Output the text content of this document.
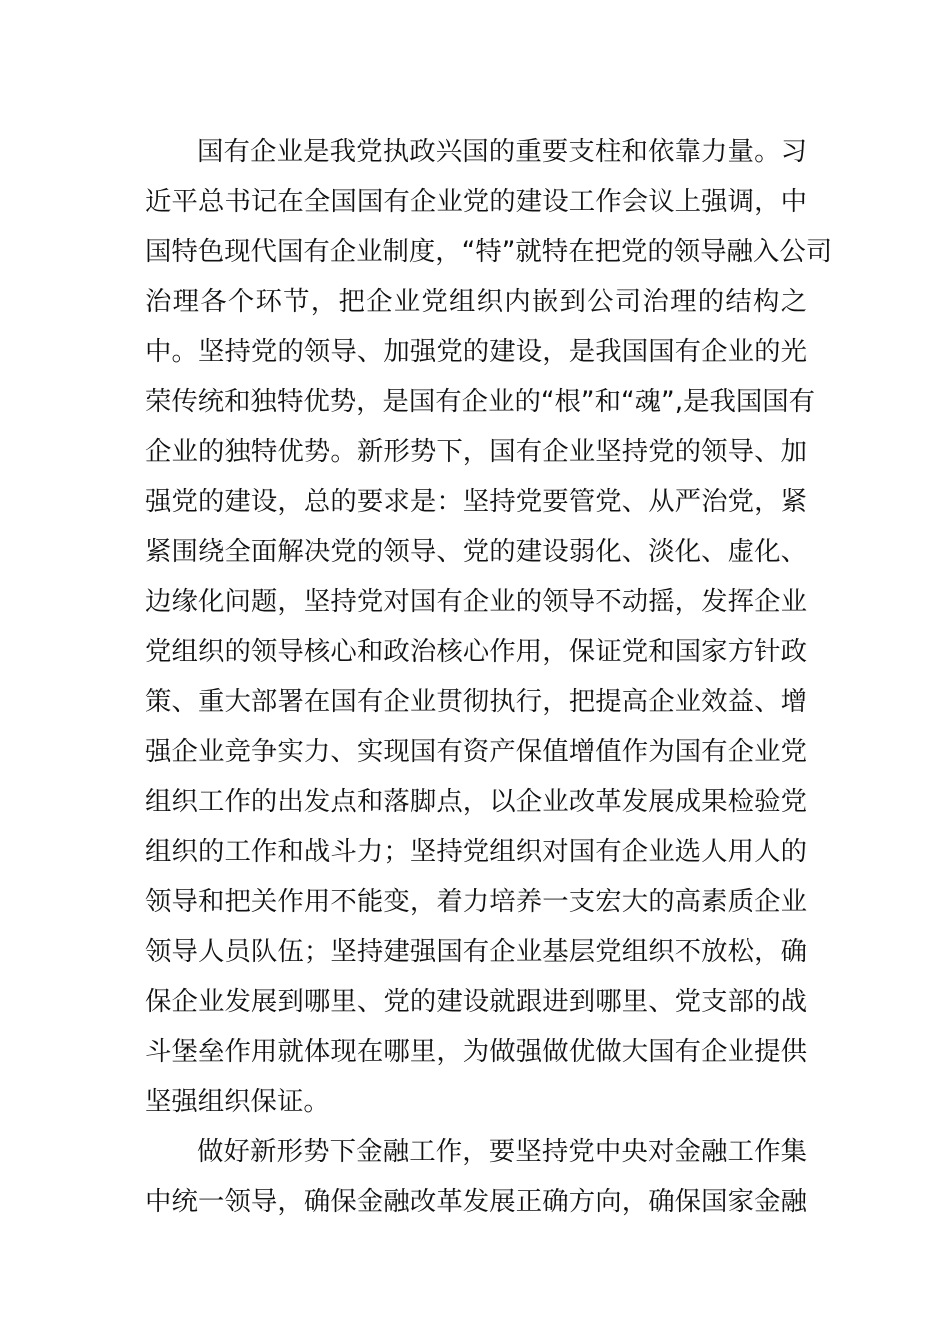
国有企业是我党执政兴国的重要支柱和依靠力量。习
近平总书记在全国国有企业党的建设工作会议上强调，中
国特色现代国有企业制度，“特”就特在把党的领导融入公司
治理各个环节，把企业党组织内嵌到公司治理的结构之
中。坚持党的领导、加强党的建设，是我国国有企业的光
荣传统和独特优势，是国有企业的“根”和“魂”,是我国国有
企业的独特优势。新形势下，国有企业坚持党的领导、加
强党的建设，总的要求是：坚持党要管党、从严治党，紧
紧围绕全面解决党的领导、党的建设弱化、淡化、虚化、
边缘化问题，坚持党对国有企业的领导不动摇，发挥企业
党组织的领导核心和政治核心作用，保证党和国家方针政
策、重大部署在国有企业贯彻执行，把提高企业效益、增
强企业竞争实力、实现国有资产保值增值作为国有企业党
组织工作的出发点和落脚点，以企业改革发展成果检验党
组织的工作和战斗力；坚持党组织对国有企业选人用人的
领导和把关作用不能变，着力培养一支宏大的高素质企业
领导人员队伍；坚持建强国有企业基层党组织不放松，确
保企业发展到哪里、党的建设就跟进到哪里、党支部的战
斗堡垒作用就体现在哪里，为做强做优做大国有企业提供
坚强组织保证。
做好新形势下金融工作，要坚持党中央对金融工作集
中统一领导，确保金融改革发展正确方向，确保国家金融
